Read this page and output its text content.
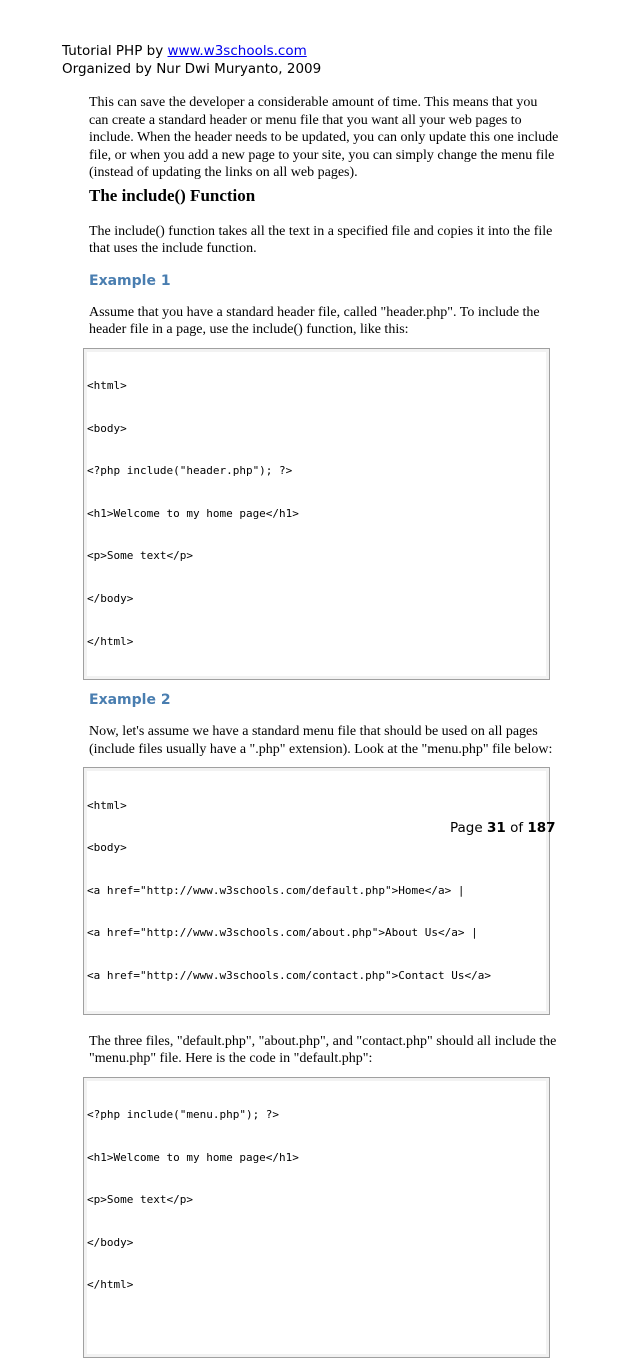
Tutorial PHP by www.w3schools.com
Organized by Nur Dwi Muryanto, 2009

This can save the developer a considerable amount of time. This means that you can create a standard header or menu file that you want all your web pages to include. When the header needs to be updated, you can only update this one include file, or when you add a new page to your site, you can simply change the menu file (instead of updating the links on all web pages).

The include() Function

The include() function takes all the text in a specified file and copies it into the file that uses the include function.

Example 1

Assume that you have a standard header file, called "header.php". To include the header file in a page, use the include() function, like this:

<html>

<body>

<?php include("header.php"); ?>

<h1>Welcome to my home page</h1>

<p>Some text</p>

</body>

</html>

Example 2

Now, let's assume we have a standard menu file that should be used on all pages (include files usually have a ".php" extension). Look at the "menu.php" file below:

<html>

<body>

<a href="http://www.w3schools.com/default.php">Home</a> |

<a href="http://www.w3schools.com/about.php">About Us</a> |

<a href="http://www.w3schools.com/contact.php">Contact Us</a>

The three files, "default.php", "about.php", and "contact.php" should all include the "menu.php" file. Here is the code in "default.php":

<?php include("menu.php"); ?>

<h1>Welcome to my home page</h1>

<p>Some text</p>

</body>

</html>

Page 31 of 187
